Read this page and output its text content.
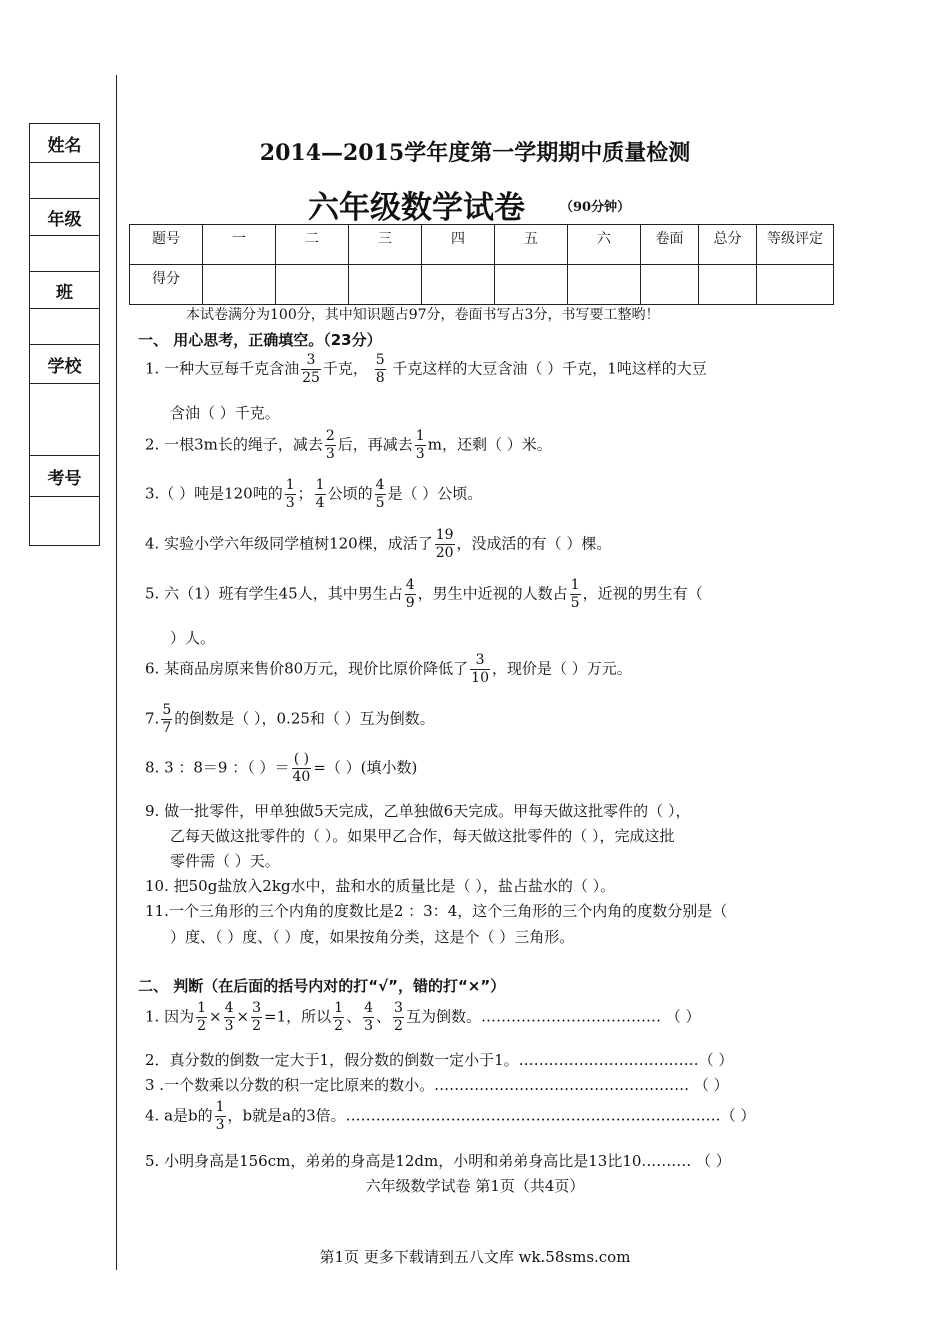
姓名
年级
班
学校
考号
2014—2015学年度第一学期期中质量检测
六年级数学试卷	（90分钟）
题号	一	二	三	四	五	六	卷面	总分	等级评定
得分									
本试卷满分为100分，其中知识题占97分，卷面书写占3分，书写要工整哟！
一、 用心思考，正确填空。（23分）
1. 一种大豆每千克含油 $\frac{3}{25}$ 千克， $\frac{5}{8}$ 千克这样的大豆含油（ ）千克，1吨这样的大豆
含油（ ）千克。
2. 一根3m长的绳子，减去 $\frac{2}{3}$ 后，再减去 $\frac{1}{3}$ m，还剩（ ）米。
3.（ ）吨是120吨的 $\frac{1}{3}$ ； $\frac{1}{4}$ 公顷的 $\frac{4}{5}$ 是（ ）公顷。
4. 实验小学六年级同学植树120棵，成活了 $\frac{19}{20}$ ，没成活的有（ ）棵。
5. 六（1）班有学生45人，其中男生占 $\frac{4}{9}$ ，男生中近视的人数占 $\frac{1}{5}$ ，近视的男生有（
）人。
6. 某商品房原来售价80万元，现价比原价降低了 $\frac{3}{10}$ ，现价是（ ）万元。
7. $\frac{5}{7}$ 的倒数是（ ），0.25和（ ）互为倒数。
8. 3 ：8＝9 ：（ ）＝ $\frac{( )}{40}$ =（ ）(填小数)
9. 做一批零件，甲单独做5天完成，乙单独做6天完成。甲每天做这批零件的（ ），
乙每天做这批零件的（ ）。如果甲乙合作，每天做这批零件的（ ），完成这批
零件需（ ）天。
10. 把50g盐放入2kg水中，盐和水的质量比是（ ），盐占盐水的（ ）。
11.一个三角形的三个内角的度数比是2 ：3：4，这个三角形的三个内角的度数分别是（
）度、（ ）度、（ ）度，如果按角分类，这是个（ ）三角形。
二、 判断（在后面的括号内对的打“√”，错的打“×”）
1. 因为 $\frac{1}{2} \times \frac{4}{3} \times \frac{3}{2} =1$，所以 $\frac{1}{2}$ 、 $\frac{4}{3}$ 、 $\frac{3}{2}$ 互为倒数。……………………………… （ ）
2．真分数的倒数一定大于1，假分数的倒数一定小于1。………………………………（ ）
3 .一个数乘以分数的积一定比原来的数小。…………………………………………… （ ）
4. a是b的 $\frac{1}{3}$ ，b就是a的3倍。…………………………………………………………………（ ）
5. 小明身高是156cm，弟弟的身高是12dm，小明和弟弟身高比是13比10.……… （ ）
六年级数学试卷 第1页（共4页）
第1页 更多下载请到五八文库 wk.58sms.com
